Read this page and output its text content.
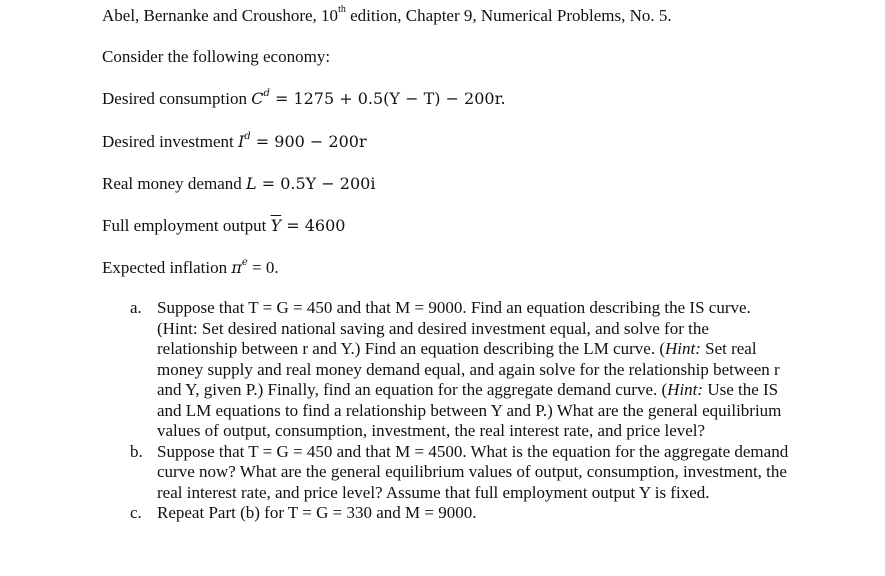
Abel, Bernanke and Croushore, 10th edition, Chapter 9, Numerical Problems, No. 5.
Consider the following economy:
Desired consumption $C^d = 1275 + 0.5(Y - T) - 200r$.
Desired investment $I^d = 900 - 200r$
Real money demand L = 0.5Y − 200i
Full employment output $\overline{Y} = 4600$
Expected inflation $\pi^e = 0$.
a. Suppose that T = G = 450 and that M = 9000. Find an equation describing the IS curve. (Hint: Set desired national saving and desired investment equal, and solve for the relationship between r and Y.) Find an equation describing the LM curve. (Hint: Set real money supply and real money demand equal, and again solve for the relationship between r and Y, given P.) Finally, find an equation for the aggregate demand curve. (Hint: Use the IS and LM equations to find a relationship between Y and P.) What are the general equilibrium values of output, consumption, investment, the real interest rate, and price level?
b. Suppose that T = G = 450 and that M = 4500. What is the equation for the aggregate demand curve now? What are the general equilibrium values of output, consumption, investment, the real interest rate, and price level? Assume that full employment output Y is fixed.
c. Repeat Part (b) for T = G = 330 and M = 9000.
